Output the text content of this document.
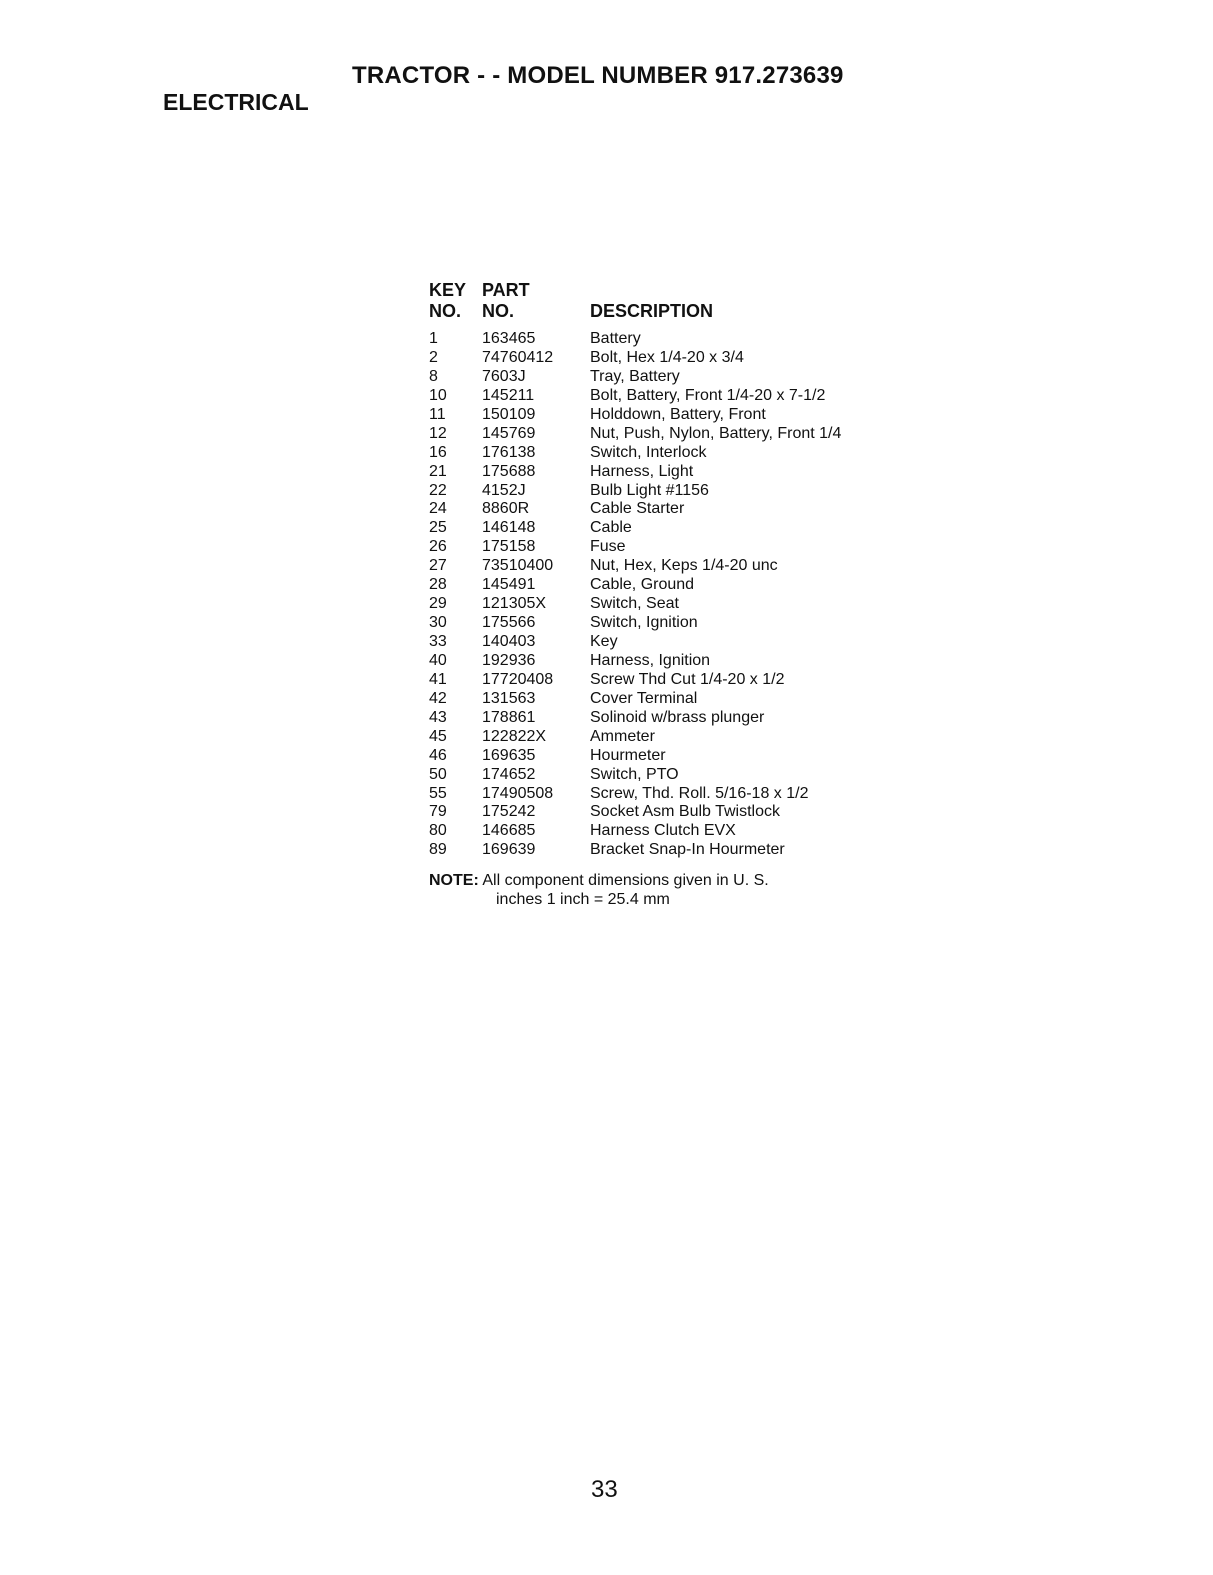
TRACTOR - - MODEL NUMBER 917.273639
ELECTRICAL
KEY PART
NO. NO.	DESCRIPTION
1	163465	Battery
2	74760412 Bolt, Hex 1/4-20 x 3/4
8	7603J	Tray, Battery
10 145211	Bolt, Battery, Front 1/4-20 x 7-1/2
11 150109	Holddown, Battery, Front
12 145769	Nut, Push, Nylon, Battery, Front 1/4
16 176138	Switch, Interlock
21 175688	Harness, Light
22 4152J	Bulb Light #1156
24 8860R	Cable Starter
25 146148	Cable
26 175158	Fuse
27 73510400 Nut, Hex, Keps 1/4-20 unc
28 145491	Cable, Ground
29 121305X	Switch, Seat
30 175566	Switch, Ignition
33 140403	Key
40 192936	Harness, Ignition
41 17720408 Screw Thd Cut 1/4-20 x 1/2
42 131563	Cover Terminal
43 178861	Solinoid w/brass plunger
45 122822X	Ammeter
46 169635	Hourmeter
50 174652	Switch, PTO
55 17490508 Screw, Thd. Roll. 5/16-18 x 1/2
79 175242	Socket Asm Bulb Twistlock
80 146685	Harness Clutch EVX
89 169639	Bracket Snap-In Hourmeter
NOTE: All component dimensions given in U. S.
inches 1 inch = 25.4 mm
33
